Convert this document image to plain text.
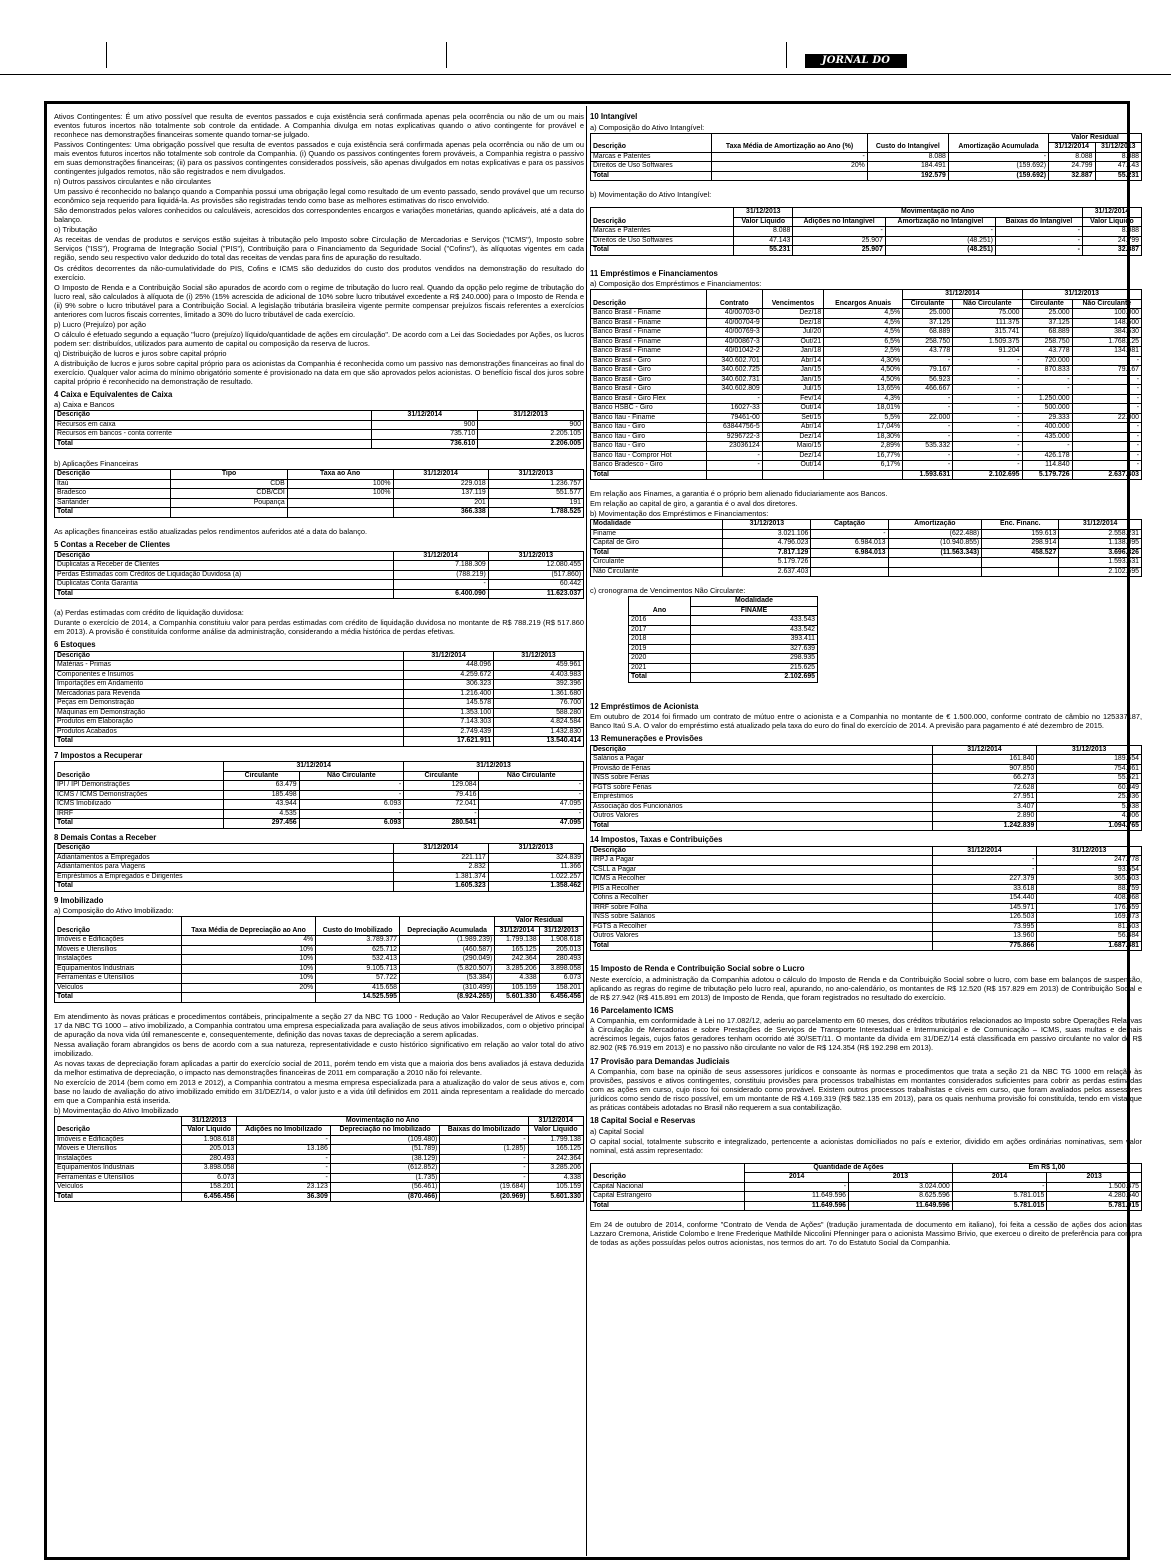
JORNAL DO

Ativos Contingentes: É um ativo possível que resulta de eventos passados e cuja existência será confirmada apenas pela ocorrência ou não de um ou mais eventos futuros incertos não totalmente sob controle da entidade. A Companhia divulga em notas explicativas quando o ativo contingente for provável e reconhece nas demonstrações financeiras somente quando tornar-se julgado.

Passivos Contingentes: Uma obrigação possível que resulta de eventos passados e cuja existência será confirmada apenas pela ocorrência ou não de um ou mais eventos futuros incertos não totalmente sob controle da Companhia. (i) Quando os passivos contingentes forem prováveis, a Companhia registra o passivo em suas demonstrações financeiras; (ii) para os passivos contingentes considerados possíveis, são apenas divulgados em notas explicativas e para os passivos contingentes julgados remotos, não são registrados e nem divulgados.

n) Outros passivos circulantes e não circulantes

Um passivo é reconhecido no balanço quando a Companhia possui uma obrigação legal como resultado de um evento passado, sendo provável que um recurso econômico seja requerido para liquidá-la. As provisões são registradas tendo como base as melhores estimativas do risco envolvido.

São demonstrados pelos valores conhecidos ou calculáveis, acrescidos dos correspondentes encargos e variações monetárias, quando aplicáveis, até a data do balanço.

o) Tributação

As receitas de vendas de produtos e serviços estão sujeitas à tributação pelo Imposto sobre Circulação de Mercadorias e Serviços ("ICMS"), Imposto sobre Serviços ("ISS"), Programa de Integração Social ("PIS"), Contribuição para o Financiamento da Seguridade Social ("Cofins"), às alíquotas vigentes em cada região, sendo seu respectivo valor deduzido do total das receitas de vendas para fins de apuração do resultado.

Os créditos decorrentes da não-cumulatividade do PIS, Cofins e ICMS são deduzidos do custo dos produtos vendidos na demonstração do resultado do exercício.

O Imposto de Renda e a Contribuição Social são apurados de acordo com o regime de tributação do lucro real. Quando da opção pelo regime de tributação do lucro real, são calculados à alíquota de (i) 25% (15% acrescida de adicional de 10% sobre lucro tributável excedente a R$ 240.000) para o Imposto de Renda e (ii) 9% sobre o lucro tributável para a Contribuição Social. A legislação tributária brasileira vigente permite compensar prejuízos fiscais referentes a exercícios anteriores com lucros fiscais correntes, limitado a 30% do lucro tributável de cada exercício.

p) Lucro (Prejuízo) por ação

O cálculo é efetuado segundo a equação "lucro (prejuízo) líquido/quantidade de ações em circulação". De acordo com a Lei das Sociedades por Ações, os lucros podem ser: distribuídos, utilizados para aumento de capital ou composição da reserva de lucros.

q) Distribuição de lucros e juros sobre capital próprio

A distribuição de lucros e juros sobre capital próprio para os acionistas da Companhia é reconhecida como um passivo nas demonstrações financeiras ao final do exercício. Qualquer valor acima do mínimo obrigatório somente é provisionado na data em que são aprovados pelos acionistas. O benefício fiscal dos juros sobre capital próprio é reconhecido na demonstração de resultado.

4 Caixa e Equivalentes de Caixa

a) Caixa e Bancos

Descrição	31/12/2014	31/12/2013
Recursos em caixa	900	900
Recursos em bancos - conta corrente	735.710	2.205.105
Total	736.610	2.206.005

b) Aplicações Financeiras

Descrição	Tipo	Taxa ao Ano	31/12/2014	31/12/2013
Itaú	CDB	100%	229.018	1.236.757
Bradesco	CDB/CDI	100%	137.119	551.577
Santander	Poupança		201	191
Total			366.338	1.788.525

As aplicações financeiras estão atualizadas pelos rendimentos auferidos até a data do balanço.

5 Contas a Receber de Clientes

Descrição	31/12/2014	31/12/2013
Duplicatas a Receber de Clientes	7.188.309	12.080.455
Perdas Estimadas com Créditos de Liquidação Duvidosa (a)	(788.219)	(517.860)
Duplicatas Conta Garantia	-	60.442
Total	6.400.090	11.623.037

(a) Perdas estimadas com crédito de liquidação duvidosa:

Durante o exercício de 2014, a Companhia constituiu valor para perdas estimadas com crédito de liquidação duvidosa no montante de R$ 788.219 (R$ 517.860 em 2013). A provisão é constituída conforme análise da administração, considerando a média histórica de perdas efetivas.

6 Estoques

Descrição	31/12/2014	31/12/2013
Matérias - Primas	448.096	459.961
Componentes e Insumos	4.259.672	4.403.983
Importações em Andamento	306.323	392.396
Mercadorias para Revenda	1.216.400	1.361.680
Peças em Demonstração	145.578	76.700
Máquinas em Demonstração	1.353.100	588.280
Produtos em Elaboração	7.143.303	4.824.584
Produtos Acabados	2.749.439	1.432.830
Total	17.621.911	13.540.414

7 Impostos a Recuperar

Descrição	31/12/2014		31/12/2013	
	Circulante	Não Circulante	Circulante	Não Circulante
IPI / IPI Demonstrações	63.479	-	129.084	-
ICMS / ICMS Demonstrações	185.498	-	79.416	-
ICMS Imobilizado	43.944	6.093	72.041	47.095
IRRF	4.535	-	-	-
Total	297.456	6.093	280.541	47.095

8 Demais Contas a Receber

Descrição	31/12/2014	31/12/2013
Adiantamentos a Empregados	221.117	324.839
Adiantamentos para Viagens	2.832	11.366
Empréstimos a Empregados e Dirigentes	1.381.374	1.022.257
Total	1.605.323	1.358.462

9 Imobilizado

a) Composição do Ativo Imobilizado:

Descrição	Taxa Média de Depreciação ao Ano	Custo do Imobilizado	Depreciação Acumulada	Valor Residual	
				31/12/2014	31/12/2013
Imóveis e Edificações	4%	3.789.377	(1.989.239)	1.799.138	1.908.618
Móveis e Utensílios	10%	625.712	(460.587)	165.125	205.013
Instalações	10%	532.413	(290.049)	242.364	280.493
Equipamentos Industriais	10%	9.105.713	(5.820.507)	3.285.206	3.898.058
Ferramentas e Utensílios	10%	57.722	(53.384)	4.338	6.073
Veículos	20%	415.658	(310.499)	105.159	158.201
Total		14.525.595	(8.924.265)	5.601.330	6.456.456

Em atendimento às novas práticas e procedimentos contábeis, principalmente a seção 27 da NBC TG 1000 - Redução ao Valor Recuperável de Ativos e seção 17 da NBC TG 1000 – ativo imobilizado, a Companhia contratou uma empresa especializada para avaliação de seus ativos imobilizados, com o objetivo principal de apuração da nova vida útil remanescente e, consequentemente, definição das novas taxas de depreciação a serem aplicadas.

Nessa avaliação foram abrangidos os bens de acordo com a sua natureza, representatividade e custo histórico significativo em relação ao valor total do ativo imobilizado.

As novas taxas de depreciação foram aplicadas a partir do exercício social de 2011, porém tendo em vista que a maioria dos bens avaliados já estava deduzida da melhor estimativa de depreciação, o impacto nas demonstrações financeiras de 2011 em comparação a 2010 não foi relevante.

No exercício de 2014 (bem como em 2013 e 2012), a Companhia contratou a mesma empresa especializada para a atualização do valor de seus ativos e, com base no laudo de avaliação do ativo imobilizado emitido em 31/DEZ/14, o valor justo e a vida útil definidos em 2011 ainda representam a realidade do mercado em que a Companhia está inserida.

b) Movimentação do Ativo Imobilizado

Descrição	31/12/2013	Movimentação no Ano			31/12/2014
	Valor Líquido	Adições no Imobilizado	Depreciação no Imobilizado	Baixas do Imobilizado	Valor Líquido
Imóveis e Edificações	1.908.618	-	(109.480)	-	1.799.138
Móveis e Utensílios	205.013	13.186	(51.789)	(1.285)	165.125
Instalações	280.493	-	(38.129)	-	242.364
Equipamentos Industriais	3.898.058	-	(612.852)	-	3.285.206
Ferramentas e Utensílios	6.073	-	(1.735)	-	4.338
Veículos	158.201	23.123	(56.461)	(19.684)	105.159
Total	6.456.456	36.309	(870.466)	(20.969)	5.601.330

10 Intangível

a) Composição do Ativo Intangível:

Descrição	Taxa Média de Amortização ao Ano (%)	Custo do Intangível	Amortização Acumulada	Valor Residual	
				31/12/2014	31/12/2013
Marcas e Patentes	-	8.088	-	8.088	8.088
Direitos de Uso Softwares	20%	184.491	(159.692)	24.799	47.143
Total		192.579	(159.692)	32.887	55.231

b) Movimentação do Ativo Intangível:

Descrição	31/12/2013	Movimentação no Ano			31/12/2014
	Valor Líquido	Adições no Intangível	Amortização no Intangível	Baixas do Intangível	Valor Líquido
Marcas e Patentes	8.088	-	-	-	8.088
Direitos de Uso Softwares	47.143	25.907	(48.251)	-	24.799
Total	55.231	25.907	(48.251)	-	32.887

11 Empréstimos e Financiamentos

a) Composição dos Empréstimos e Financiamentos:

Descrição	Contrato	Vencimentos	Encargos Anuais	31/12/2014		31/12/2013	
				Circulante	Não Circulante	Circulante	Não Circulante
Banco Brasil - Finame	40/00703-0	Dez/18	4,5%	25.000	75.000	25.000	100.000
Banco Brasil - Finame	40/00704-9	Dez/18	4,5%	37.125	111.375	37.125	148.500
Banco Brasil - Finame	40/00769-3	Jul/20	4,5%	68.889	315.741	68.889	384.630
Banco Brasil - Finame	40/00867-3	Out/21	6,5%	258.750	1.509.375	258.750	1.768.125
Banco Brasil - Finame	40/01042-2	Jan/18	2,5%	43.778	91.204	43.778	134.981
Banco Brasil - Giro	340.602.701	Abr/14	4,30%	-	-	720.000	-
Banco Brasil - Giro	340.602.725	Jan/15	4,50%	79.167	-	870.833	79.167
Banco Brasil - Giro	340.602.731	Jan/15	4,50%	56.923	-	-	-
Banco Brasil - Giro	340.602.809	Jul/15	13,65%	466.667	-	-	-
Banco Brasil - Giro Flex	-	Fev/14	4,3%	-	-	1.250.000	-
Banco HSBC - Giro	16027-33	Out/14	18,01%	-	-	500.000	-
Banco Itau - Finame	79461-00	Set/15	5,5%	22.000	-	29.333	22.000
Banco Itau - Giro	63844756-5	Abr/14	17,04%	-	-	400.000	-
Banco Itau - Giro	9296722-3	Dez/14	18,30%	-	-	435.000	-
Banco Itau - Giro	23036124	Maio/15	2,89%	535.332	-	-	-
Banco Itau - Compror Hot	-	Dez/14	16,77%	-	-	426.178	-
Banco Bradesco - Giro	-	Out/14	6,17%	-	-	114.840	-
Total				1.593.631	2.102.695	5.179.726	2.637.403

Em relação aos Finames, a garantia é o próprio bem alienado fiduciariamente aos Bancos.

Em relação ao capital de giro, a garantia é o aval dos diretores.

b) Movimentação dos Empréstimos e Financiamentos:

Modalidade	31/12/2013	Captação	Amortização	Enc. Financ.	31/12/2014
Finame	3.021.106	-	(622.488)	159.613	2.558.231
Capital de Giro	4.796.023	6.984.013	(10.940.855)	298.914	1.138.095
Total	7.817.129	6.984.013	(11.563.343)	458.527	3.696.326
Circulante	5.179.726				1.593.631
Não Circulante	2.637.403				2.102.695

c) cronograma de Vencimentos Não Circulante:

Ano	Modalidade
	FINAME
2016	433.543
2017	433.542
2018	393.411
2019	327.639
2020	298.935
2021	215.625
Total	2.102.695

12 Empréstimos de Acionista

Em outubro de 2014 foi firmado um contrato de mútuo entre o acionista e a Companhia no montante de € 1.500.000, conforme contrato de câmbio no 125337187, Banco Itaú S.A. O valor do empréstimo está atualizado pela taxa do euro do final do exercício de 2014. A previsão para pagamento é até dezembro de 2015.

13 Remunerações e Provisões

Descrição	31/12/2014	31/12/2013
Salários a Pagar	161.840	189.554
Provisão de Férias	907.850	754.361
INSS sobre Férias	66.273	55.521
FGTS sobre Férias	72.628	60.349
Empréstimos	27.951	25.036
Associação dos Funcionários	3.407	5.938
Outros Valores	2.890	4.006
Total	1.242.839	1.094.765

14 Impostos, Taxas e Contribuições

Descrição	31/12/2014	31/12/2013
IRPJ a Pagar	-	247.778
CSLL a Pagar	-	93.654
ICMS a Recolher	227.379	365.503
PIS a Recolher	33.618	88.759
Cofins a Recolher	154.440	408.068
IRRF sobre Folha	145.971	176.559
INSS sobre Salários	126.503	169.073
FGTS a Recolher	73.995	81.603
Outros Valores	13.960	56.484
Total	775.866	1.687.481

15 Imposto de Renda e Contribuição Social sobre o Lucro

Neste exercício, a administração da Companhia adotou o cálculo do Imposto de Renda e da Contribuição Social sobre o lucro, com base em balanços de suspensão, aplicando as regras do regime de tributação pelo lucro real, apurando, no ano-calendário, os montantes de R$ 12.520 (R$ 157.829 em 2013) de Contribuição Social e de R$ 27.942 (R$ 415.891 em 2013) de Imposto de Renda, que foram registrados no resultado do exercício.

16 Parcelamento ICMS

A Companhia, em conformidade à Lei no 17.082/12, aderiu ao parcelamento em 60 meses, dos créditos tributários relacionados ao Imposto sobre Operações Relativas à Circulação de Mercadorias e sobre Prestações de Serviços de Transporte Interestadual e Intermunicipal e de Comunicação – ICMS, suas multas e demais acréscimos legais, cujos fatos geradores tenham ocorrido até 30/SET/11. O montante da dívida em 31/DEZ/14 está classificada em passivo circulante no valor de R$ 82.902 (R$ 76.919 em 2013) e no passivo não circulante no valor de R$ 124.354 (R$ 192.298 em 2013).

17 Provisão para Demandas Judiciais

A Companhia, com base na opinião de seus assessores jurídicos e consoante às normas e procedimentos que trata a seção 21 da NBC TG 1000 em relação às provisões, passivos e ativos contingentes, constituiu provisões para processos trabalhistas em montantes considerados suficientes para cobrir as perdas estimadas com as ações em curso, cujo risco foi considerado como provável. Existem outros processos trabalhistas e cíveis em curso, que foram avaliados pelos assessores jurídicos como sendo de risco possível, em um montante de R$ 4.169.319 (R$ 582.135 em 2013), para os quais nenhuma provisão foi constituída, tendo em vista que as práticas contábeis adotadas no Brasil não requerem a sua contabilização.

18 Capital Social e Reservas

a) Capital Social

O capital social, totalmente subscrito e integralizado, pertencente a acionistas domiciliados no país e exterior, dividido em ações ordinárias nominativas, sem valor nominal, está assim representado:

Descrição	Quantidade de Ações		Em R$ 1,00	
	2014	2013	2014	2013
Capital Nacional	-	3.024.000	-	1.500.475
Capital Estrangeiro	11.649.596	8.625.596	5.781.015	4.280.540
Total	11.649.596	11.649.596	5.781.015	5.781.015

Em 24 de outubro de 2014, conforme "Contrato de Venda de Ações" (tradução juramentada de documento em italiano), foi feita a cessão de ações dos acionistas Lazzaro Cremona, Aristide Colombo e Irene Frederique Mathilde Niccolini Pfenninger para o acionista Massimo Brivio, que exerceu o direito de preferência para compra de todas as ações possuídas pelos outros acionistas, nos termos do art. 7o do Estatuto Social da Companhia.
